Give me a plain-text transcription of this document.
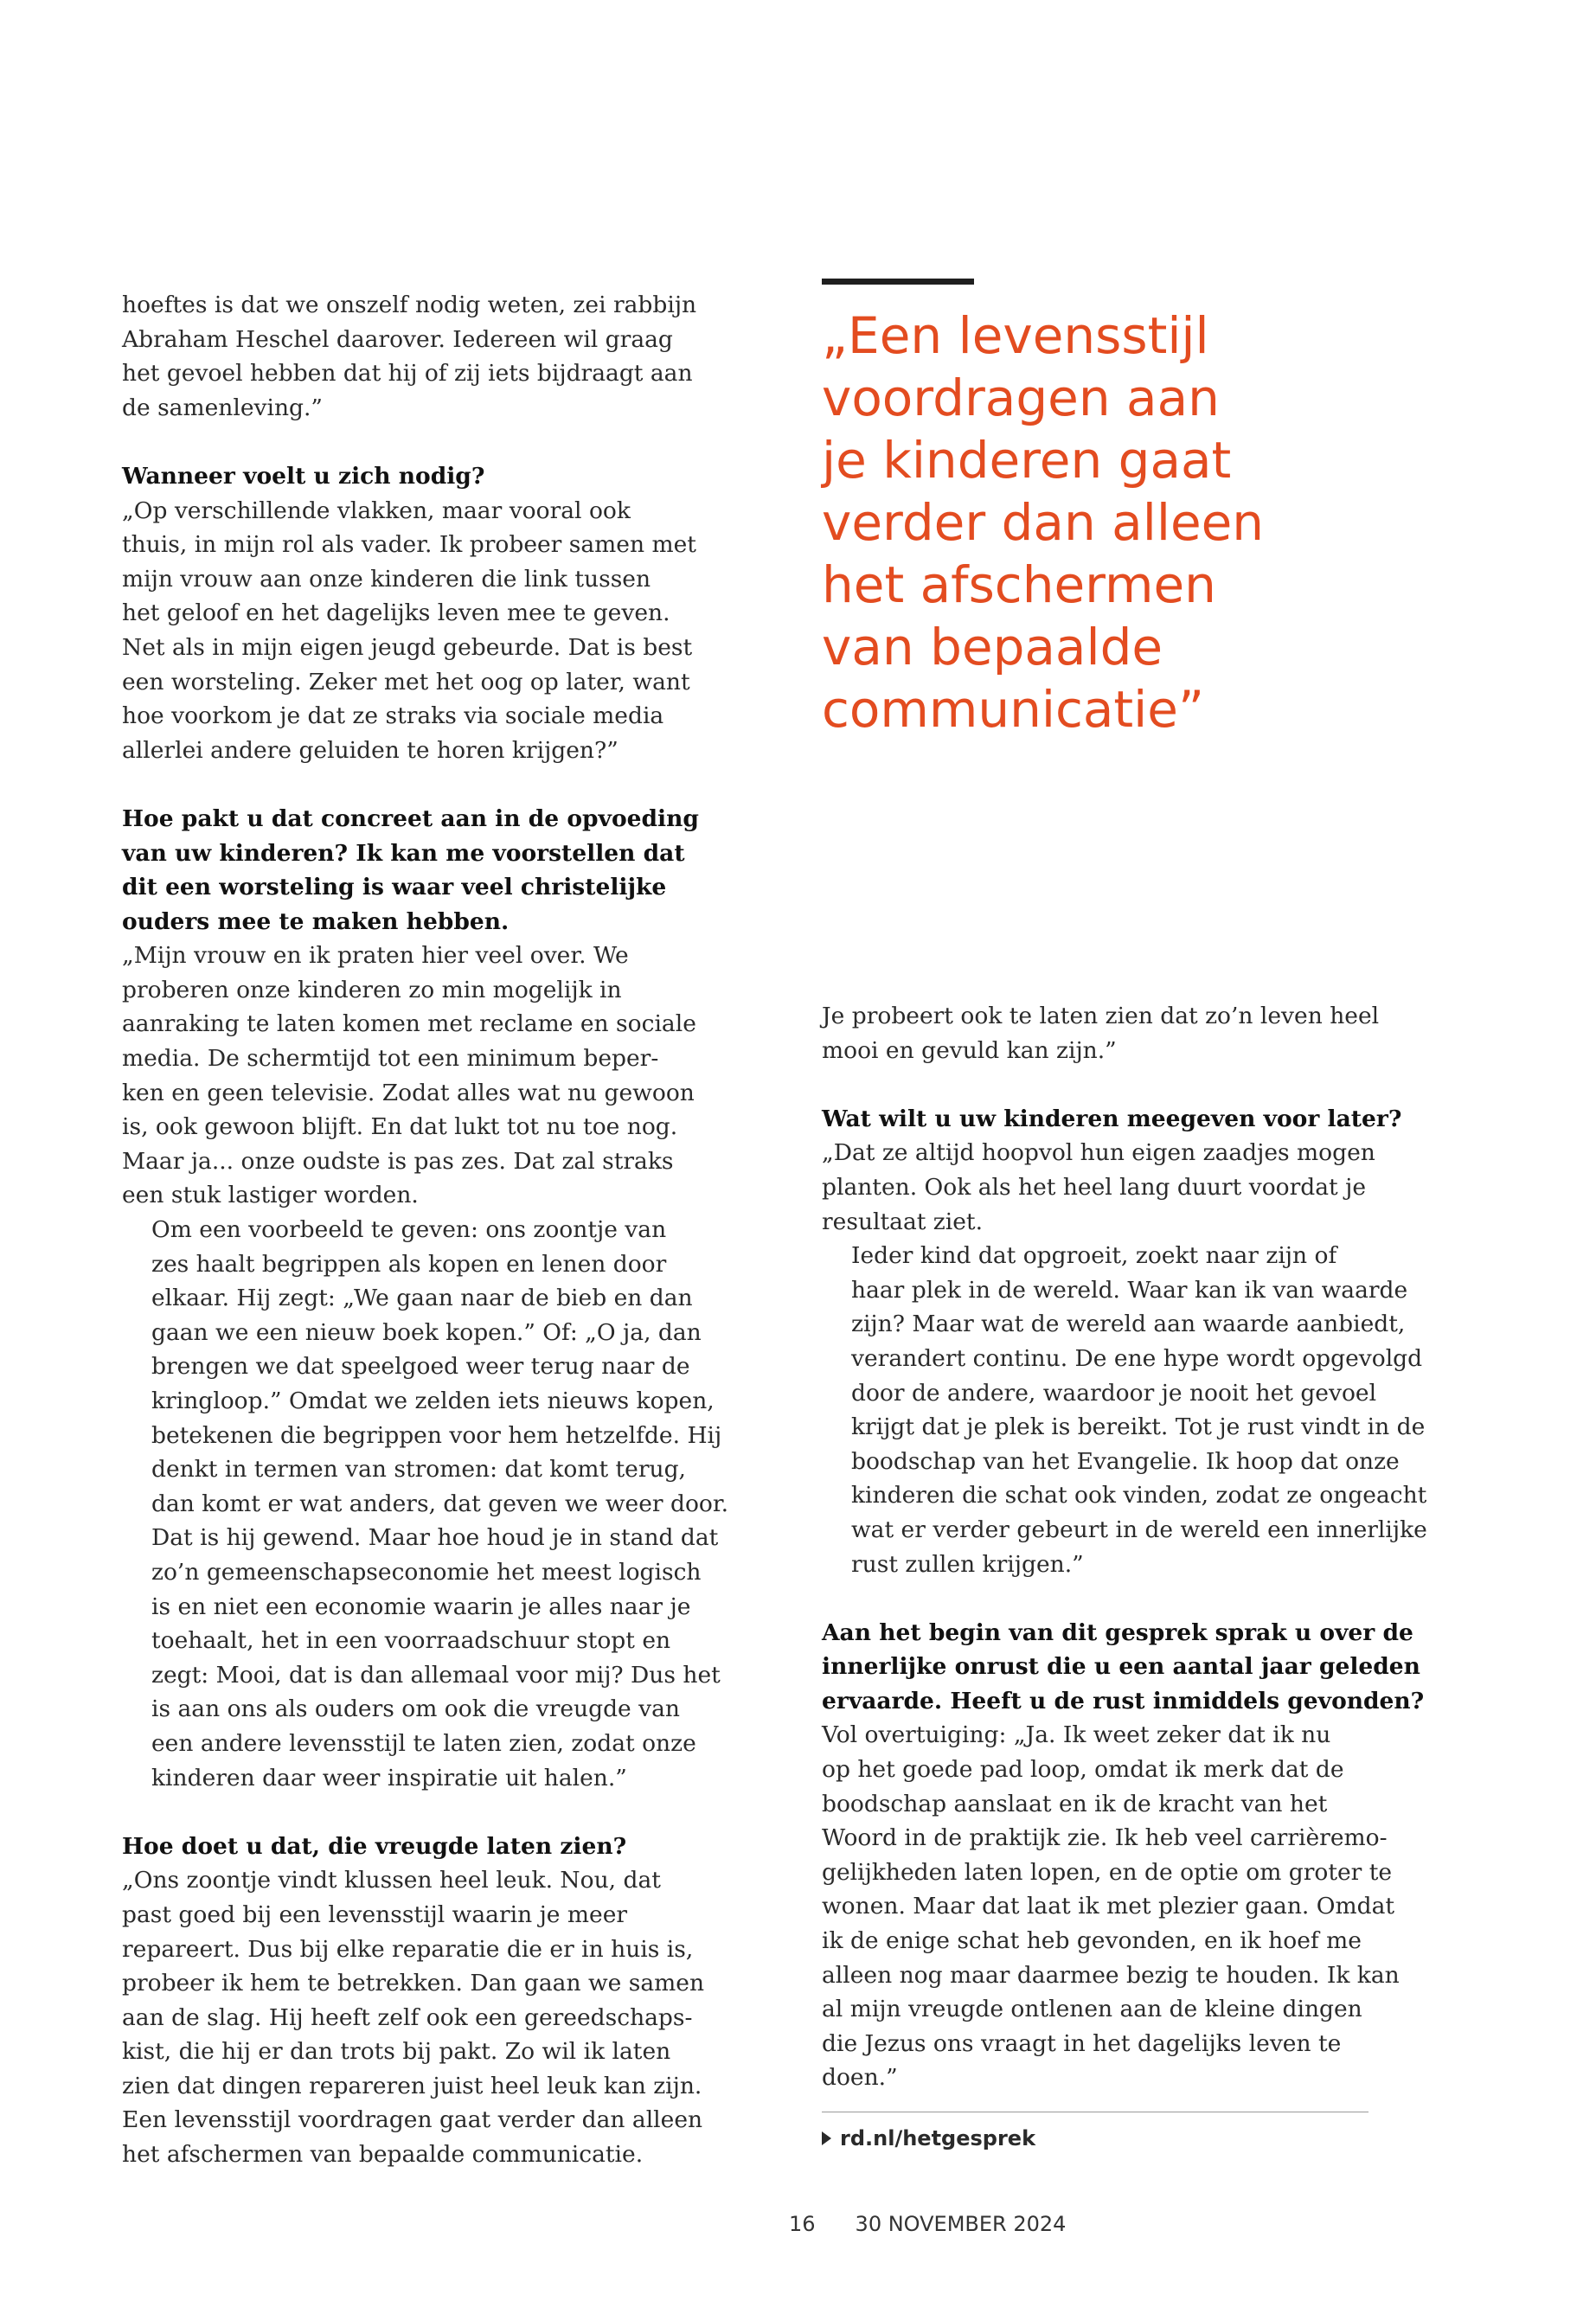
„Een levensstijl
voordragen aan
je kinderen gaat
verder dan alleen
het afschermen
van bepaalde
communicatie”

hoeftes is dat we onszelf nodig weten, zei rabbijn
Abraham Heschel daarover. Iedereen wil graag
het gevoel hebben dat hij of zij iets bijdraagt aan
de samenleving.”

Wanneer voelt u zich nodig?

„Op verschillende vlakken, maar vooral ook
thuis, in mijn rol als vader. Ik probeer samen met
mijn vrouw aan onze kinderen die link tussen
het geloof en het dagelijks leven mee te geven.
Net als in mijn eigen jeugd gebeurde. Dat is best
een worsteling. Zeker met het oog op later, want
hoe voorkom je dat ze straks via sociale media
allerlei andere geluiden te horen krijgen?”

Hoe pakt u dat concreet aan in de opvoeding
van uw kinderen? Ik kan me voorstellen dat
dit een worsteling is waar veel christelijke
ouders mee te maken hebben.

„Mijn vrouw en ik praten hier veel over. We
proberen onze kinderen zo min mogelijk in
aanraking te laten komen met reclame en sociale
media. De schermtijd tot een minimum beper-
ken en geen televisie. Zodat alles wat nu gewoon
is, ook gewoon blijft. En dat lukt tot nu toe nog.
Maar ja... onze oudste is pas zes. Dat zal straks
een stuk lastiger worden.

Om een voorbeeld te geven: ons zoontje van
zes haalt begrippen als kopen en lenen door
elkaar. Hij zegt: „We gaan naar de bieb en dan
gaan we een nieuw boek kopen.” Of: „O ja, dan
brengen we dat speelgoed weer terug naar de
kringloop.” Omdat we zelden iets nieuws kopen,
betekenen die begrippen voor hem hetzelfde. Hij
denkt in termen van stromen: dat komt terug,
dan komt er wat anders, dat geven we weer door.
Dat is hij gewend. Maar hoe houd je in stand dat
zo’n gemeenschapseconomie het meest logisch
is en niet een economie waarin je alles naar je
toehaalt, het in een voorraadschuur stopt en
zegt: Mooi, dat is dan allemaal voor mij? Dus het
is aan ons als ouders om ook die vreugde van
een andere levensstijl te laten zien, zodat onze
kinderen daar weer inspiratie uit halen.”

Hoe doet u dat, die vreugde laten zien?

„Ons zoontje vindt klussen heel leuk. Nou, dat
past goed bij een levensstijl waarin je meer
repareert. Dus bij elke reparatie die er in huis is,
probeer ik hem te betrekken. Dan gaan we samen
aan de slag. Hij heeft zelf ook een gereedschaps-
kist, die hij er dan trots bij pakt. Zo wil ik laten
zien dat dingen repareren juist heel leuk kan zijn.
Een levensstijl voordragen gaat verder dan alleen
het afschermen van bepaalde communicatie.

Je probeert ook te laten zien dat zo’n leven heel
mooi en gevuld kan zijn.”

Wat wilt u uw kinderen meegeven voor later?

„Dat ze altijd hoopvol hun eigen zaadjes mogen
planten. Ook als het heel lang duurt voordat je
resultaat ziet.

Ieder kind dat opgroeit, zoekt naar zijn of
haar plek in de wereld. Waar kan ik van waarde
zijn? Maar wat de wereld aan waarde aanbiedt,
verandert continu. De ene hype wordt opgevolgd
door de andere, waardoor je nooit het gevoel
krijgt dat je plek is bereikt. Tot je rust vindt in de
boodschap van het Evangelie. Ik hoop dat onze
kinderen die schat ook vinden, zodat ze ongeacht
wat er verder gebeurt in de wereld een innerlijke
rust zullen krijgen.”

Aan het begin van dit gesprek sprak u over de
innerlijke onrust die u een aantal jaar geleden
ervaarde. Heeft u de rust inmiddels gevonden?

Vol overtuiging: „Ja. Ik weet zeker dat ik nu
op het goede pad loop, omdat ik merk dat de
boodschap aanslaat en ik de kracht van het
Woord in de praktijk zie. Ik heb veel carrièremo-
gelijkheden laten lopen, en de optie om groter te
wonen. Maar dat laat ik met plezier gaan. Omdat
ik de enige schat heb gevonden, en ik hoef me
alleen nog maar daarmee bezig te houden. Ik kan
al mijn vreugde ontlenen aan de kleine dingen
die Jezus ons vraagt in het dagelijks leven te
doen.”

rd.nl/hetgesprek
16 30 NOVEMBER 2024
